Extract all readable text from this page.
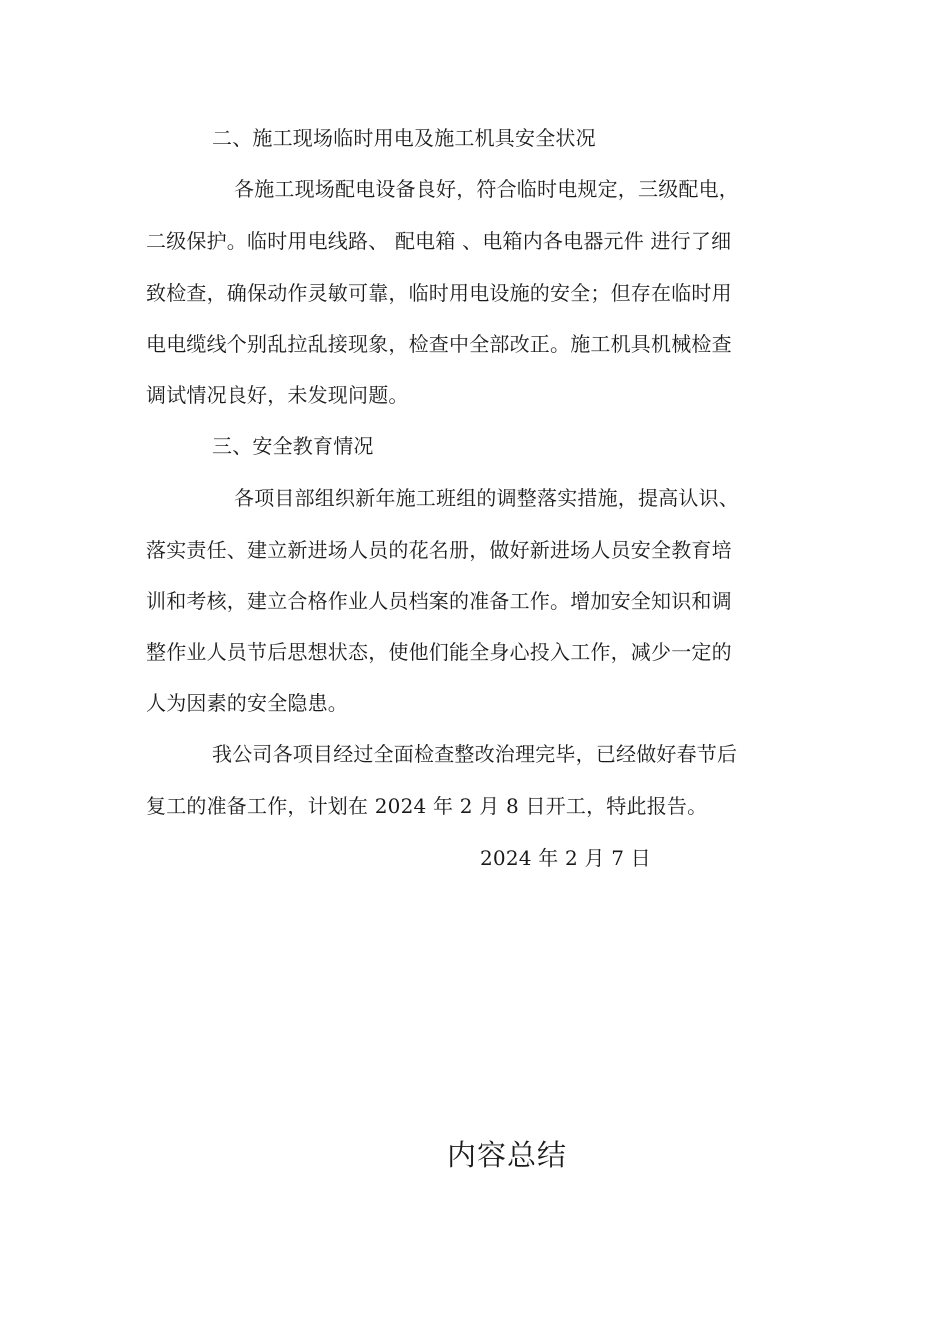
二、施工现场临时用电及施工机具安全状况
各施工现场配电设备良好，符合临时电规定，三级配电，
二级保护。临时用电线路、 配电箱 、电箱内各电器元件 进行了细
致检查，确保动作灵敏可靠，临时用电设施的安全；但存在临时用
电电缆线个别乱拉乱接现象，检查中全部改正。施工机具机械检查
调试情况良好，未发现问题。
三、安全教育情况
各项目部组织新年施工班组的调整落实措施，提高认识、
落实责任、建立新进场人员的花名册，做好新进场人员安全教育培
训和考核，建立合格作业人员档案的准备工作。增加安全知识和调
整作业人员节后思想状态，使他们能全身心投入工作，减少一定的
人为因素的安全隐患。
我公司各项目经过全面检查整改治理完毕，已经做好春节后
复工的准备工作，计划在 2024 年 2 月 8 日开工，特此报告。
2024 年 2 月 7 日
内容总结
